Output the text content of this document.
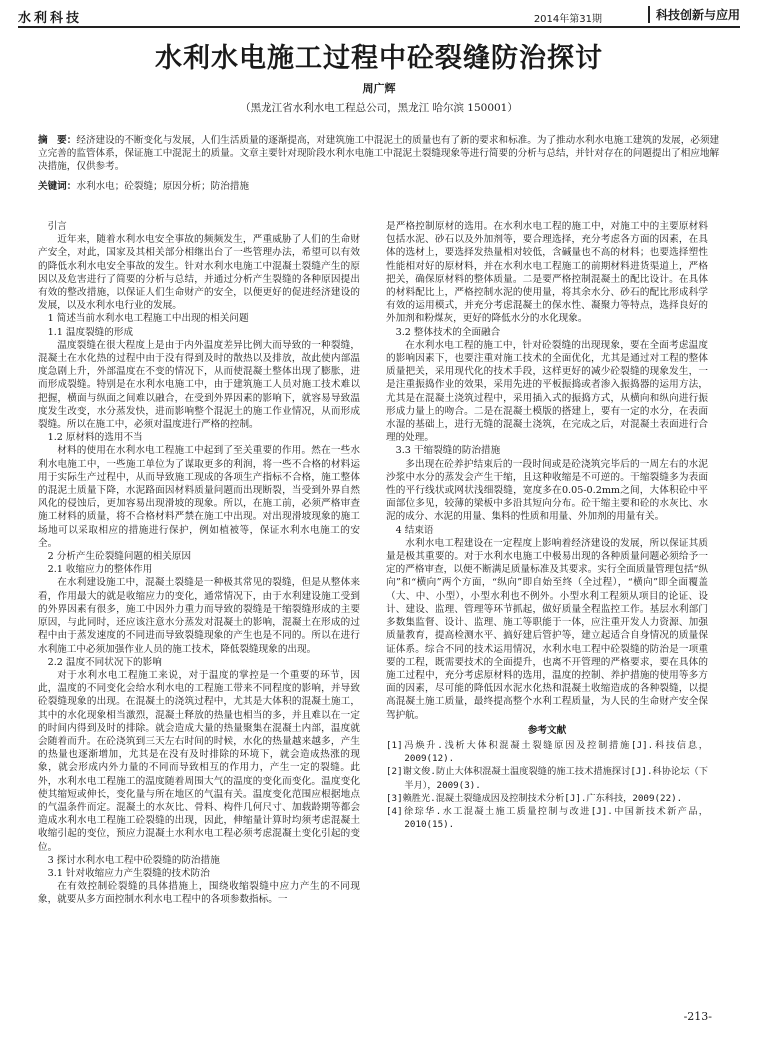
水利科技	2014年第31期	科技创新与应用
水利水电施工过程中砼裂缝防治探讨
周广辉
（黑龙江省水利水电工程总公司，黑龙江 哈尔滨 150001）
摘　要：经济建设的不断变化与发展，人们生活质量的逐渐提高，对建筑施工中混泥土的质量也有了新的要求和标准。为了推动水利水电施工建筑的发展，必须建立完善的监管体系，保证施工中混泥土的质量。文章主要针对现阶段水利水电施工中混泥土裂缝现象等进行简要的分析与总结，并针对存在的问题提出了相应地解决措施，仅供参考。
关键词：水利水电；砼裂缝；原因分析；防治措施
引言
近年来，随着水利水电安全事故的频频发生，严重威胁了人们的生命财产安全，对此，国家及其相关部分相继出台了一些管理办法，希望可以有效的降低水利水电安全事故的发生。针对水利水电施工中混凝土裂缝产生的原因以及危害进行了简要的分析与总结，并通过分析产生裂缝的各种原因提出有效的整改措施，以保证人们生命财产的安全，以便更好的促进经济建设的发展，以及水利水电行业的发展。
1 简述当前水利水电工程施工中出现的相关问题
1.1 温度裂缝的形成
温度裂缝在很大程度上是由于内外温度差异比例大而导致的一种裂缝，混凝土在水化热的过程中由于没有得到及时的散热以及排放，故此使内部温度急剧上升，外部温度在不变的情况下，从而使混凝土整体出现了膨胀，进而形成裂缝。特别是在水利水电施工中，由于建筑施工人员对施工技术难以把握，横面与纵面之间难以融合，在受到外界因素的影响下，就容易导致温度发生改变，水分蒸发快，进而影响整个混泥土的施工作业情况，从而形成裂缝。所以在施工中，必须对温度进行严格的控制。
1.2 原材料的选用不当
材料的使用在水利水电工程施工中起到了至关重要的作用。然在一些水利水电施工中，一些施工单位为了谋取更多的利润，将一些不合格的材料运用于实际生产过程中，从而导致施工现成的各项生产指标不合格，施工整体的混泥土质量下降，水泥路面因材料质量问题而出现断裂，当受到外界自然风化的侵蚀后，更加容易出现滑坡的现象。所以，在施工前，必须严格审查施工材料的质量，将不合格材料严禁在施工中出现。对出现滑坡现象的施工场地可以采取相应的措施进行保护，例如植被等，保证水利水电施工的安全。
2 分析产生砼裂缝问题的相关原因
2.1 收缩应力的整体作用
在水利建设施工中，混凝土裂缝是一种极其常见的裂缝，但是从整体来看，作用最大的就是收缩应力的变化，通常情况下，由于水利建设施工受到的外界因素有很多，施工中因外力重力而导致的裂缝是干缩裂缝形成的主要原因，与此同时，还应该注意水分蒸发对混凝土的影响，混凝土在形成的过程中由于蒸发速度的不同进而导致裂缝现象的产生也是不同的。所以在进行水利施工中必须加强作业人员的施工技术，降低裂缝现象的出现。
2.2 温度不同状况下的影响
对于水利水电工程施工来说，对于温度的掌控是一个重要的环节，因此，温度的不同变化会给水利水电的工程施工带来不同程度的影响，并导致砼裂缝现象的出现。在混凝土的浇筑过程中，尤其是大体积的混凝土施工，其中的水化现象相当激烈，混凝土释放的热量也相当的多，并且难以在一定的时间内得到及时的排除。就会造成大量的热量聚集在混凝土内部，温度就会随着而升。在砼浇筑到三天左右时间的时候，水化的热量越来越多，产生的热量也逐渐增加，尤其是在没有及时排除的环境下，就会造成热涨的现象，就会形成内外力量的不同而导致相互的作用力，产生一定的裂缝。此外，水利水电工程施工的温度随着周围大气的温度的变化而变化。温度变化使其缩短或伸长，变化量与所在地区的气温有关。温度变化范围应根据地点的气温条件而定。混凝土的水灰比、骨料、构件几何尺寸、加载龄期等都会造成水利水电工程施工砼裂缝的出现，因此，伸缩量计算时均须考虑混凝土收缩引起的变位，预应力混凝土水利水电工程必须考虑混凝土变化引起的变位。
3 探讨水利水电工程中砼裂缝的防治措施
3.1 针对收缩应力产生裂缝的技术防治
在有效控制砼裂缝的具体措施上，围绕收缩裂缝中应力产生的不同现象，就要从多方面控制水利水电工程中的各项参数指标。一
是严格控制原材的选用。在水利水电工程的施工中，对施工中的主要原材料包括水泥、砂石以及外加剂等，要合理选择，充分考虑各方面的因素，在具体的选材上，要选择发热量相对较低，含碱量也不高的材料；也要选择塑性性能相对好的原材料，并在水利水电工程施工的前期材料进货渠道上，严格把关，确保原材料的整体质量。二是要严格控制混凝土的配比设计。在具体的材料配比上，严格控制水泥的使用量，将其余水分、砂石的配比形成科学有效的运用模式，并充分考虑混凝土的保水性、凝聚力等特点，选择良好的外加剂和粉煤灰，更好的降低水分的水化现象。
3.2 整体技术的全面融合
在水利水电工程的施工中，针对砼裂缝的出现现象，要在全面考虑温度的影响因素下，也要注重对施工技术的全面优化，尤其是通过对工程的整体质量把关，采用现代化的技术手段，这样更好的减少砼裂缝的现象发生，一是注重振捣作业的效果，采用先进的平板振捣或者渗入振捣器的运用方法，尤其是在混凝土浇筑过程中，采用插入式的振捣方式，从横向和纵向进行振形成力量上的吻合。二是在混凝土模版的搭建上，要有一定的水分，在表面水湿的基础上，进行无缝的混凝土浇筑，在完成之后，对混凝土表面进行合理的处理。
3.3 干缩裂缝的防治措施
多出现在砼养护结束后的一段时间或是砼浇筑完毕后的一周左右的水泥沙浆中水分的蒸发会产生干缩，且这种收缩是不可逆的。干缩裂缝多为表面性的平行线状或网状浅细裂缝，宽度多在0.05-0.2mm之间，大体积砼中平面部位多见，较薄的梁板中多沿其短向分布。砼干缩主要和砼的水灰比、水泥的成分、水泥的用量、集料的性质和用量、外加剂的用量有关。
4 结束语
水利水电工程建设在一定程度上影响着经济建设的发展，所以保证其质量是极其重要的。对于水利水电施工中极易出现的各种质量问题必须给予一定的严格审查，以便不断满足质量标准及其要求。实行全面质量管理包括“纵向”和“横向”两个方面，“纵向”即自始至终（全过程），“横向”即全面覆盖（大、中、小型），小型水利也不例外。小型水利工程须从项目的论证、设计、建设、监理、管理等环节抓起，做好质量全程监控工作。基层水利部门多数集监督、设计、监理、施工等职能于一体，应注重开发人力资源、加强质量教育，提高检测水平、搞好建后管护等，建立起适合自身情况的质量保证体系。综合不同的技术运用情况，水利水电工程中砼裂缝的防治是一项重要的工程，既需要技术的全面提升，也离不开管理的严格要求，要在具体的施工过程中，充分考虑原材料的选用，温度的控制、养护措施的使用等多方面的因素，尽可能的降低因水泥水化热和混凝土收缩造成的各种裂缝，以提高混凝土施工质量，最终提高整个水利工程质量，为人民的生命财产安全保驾护航。
参考文献
[1]冯焕升.浅析大体积混凝土裂缝原因及控制措施[J].科技信息，2009(12).
[2]谢文俊.防止大体积混凝土温度裂缝的施工技术措施探讨[J].科协论坛（下半月），2009(3).
[3]赖胜光.混凝土裂缝成因及控制技术分析[J].广东科技，2009(22).
[4]徐琮华.水工混凝土施工质量控制与改进[J].中国新技术新产品，2010(15).
-213-
